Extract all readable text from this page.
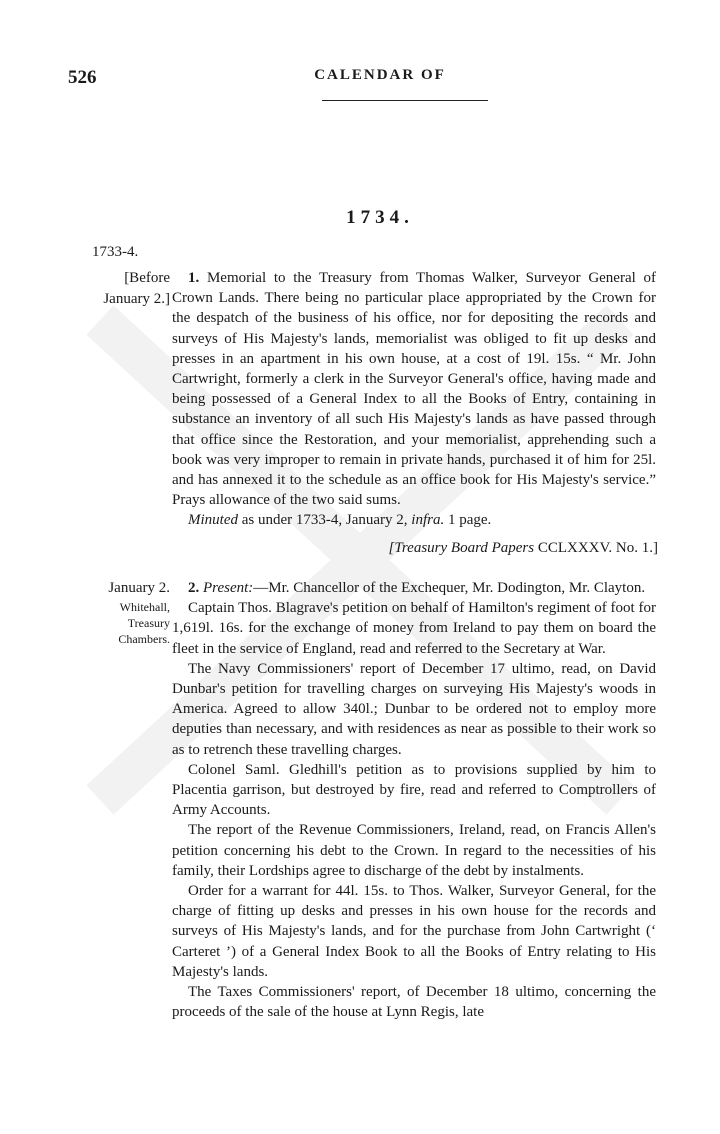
526	CALENDAR OF
1734.
1733-4.
[Before
January 2.]

1. Memorial to the Treasury from Thomas Walker, Surveyor General of Crown Lands. There being no particular place appropriated by the Crown for the despatch of the business of his office, nor for depositing the records and surveys of His Majesty's lands, memorialist was obliged to fit up desks and presses in an apartment in his own house, at a cost of 19l. 15s. “ Mr. John Cartwright, formerly a clerk in the Surveyor General's office, having made and being possessed of a General Index to all the Books of Entry, containing in substance an inventory of all such His Majesty's lands as have passed through that office since the Restoration, and your memorialist, apprehending such a book was very improper to remain in private hands, purchased it of him for 25l. and has annexed it to the schedule as an office book for His Majesty's service.” Prays allowance of the two said sums.

Minuted as under 1733-4, January 2, infra. 1 page.

[Treasury Board Papers CCLXXXV. No. 1.]
January 2.
Whitehall,
Treasury
Chambers.

2. Present:—Mr. Chancellor of the Exchequer, Mr. Dodington, Mr. Clayton.

Captain Thos. Blagrave's petition on behalf of Hamilton's regiment of foot for 1,619l. 16s. for the exchange of money from Ireland to pay them on board the fleet in the service of England, read and referred to the Secretary at War.

The Navy Commissioners' report of December 17 ultimo, read, on David Dunbar's petition for travelling charges on surveying His Majesty's woods in America. Agreed to allow 340l.; Dunbar to be ordered not to employ more deputies than necessary, and with residences as near as possible to their work so as to retrench these travelling charges.

Colonel Saml. Gledhill's petition as to provisions supplied by him to Placentia garrison, but destroyed by fire, read and referred to Comptrollers of Army Accounts.

The report of the Revenue Commissioners, Ireland, read, on Francis Allen's petition concerning his debt to the Crown. In regard to the necessities of his family, their Lordships agree to discharge of the debt by instalments.

Order for a warrant for 44l. 15s. to Thos. Walker, Surveyor General, for the charge of fitting up desks and presses in his own house for the records and surveys of His Majesty's lands, and for the purchase from John Cartwright (‘ Carteret ’) of a General Index Book to all the Books of Entry relating to His Majesty's lands.

The Taxes Commissioners' report, of December 18 ultimo, concerning the proceeds of the sale of the house at Lynn Regis, late
